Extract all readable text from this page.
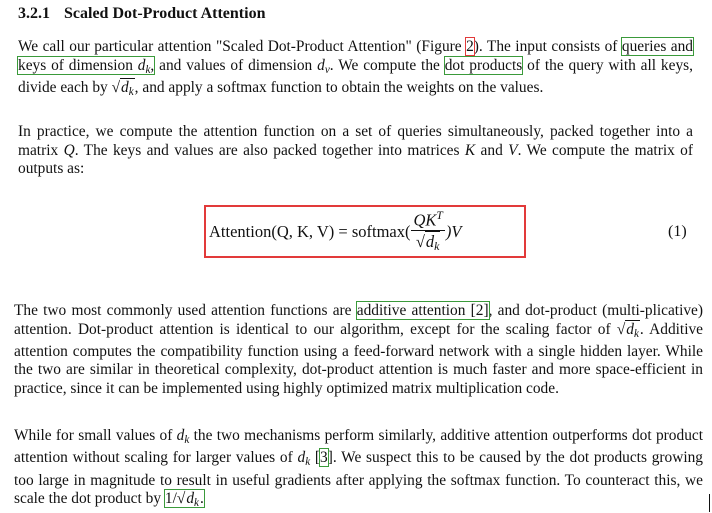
3.2.1 Scaled Dot-Product Attention

We call our particular attention "Scaled Dot-Product Attention" (Figure 2). The input consists of queries and keys of dimension $d_k$, and values of dimension $d_v$. We compute the dot products of the query with all keys, divide each by $√d_k$, and apply a softmax function to obtain the weights on the values.

In practice, we compute the attention function on a set of queries simultaneously, packed together into a matrix Q. The keys and values are also packed together into matrices K and V. We compute the matrix of outputs as:

Attention(Q, K, V) = softmax( $\frac{QK^T}{√d_k} )V$	(1)

The two most commonly used attention functions are additive attention [2], and dot-product (multi-plicative) attention. Dot-product attention is identical to our algorithm, except for the scaling factor of $√d_k$. Additive attention computes the compatibility function using a feed-forward network with a single hidden layer. While the two are similar in theoretical complexity, dot-product attention is much faster and more space-efficient in practice, since it can be implemented using highly optimized matrix multiplication code.

While for small values of $d_k$ the two mechanisms perform similarly, additive attention outperforms dot product attention without scaling for larger values of $d_k$ [3]. We suspect this to be caused by the dot products growing too large in magnitude to result in useful gradients after applying the softmax function. To counteract this, we scale the dot product by $1/√d_k$.
